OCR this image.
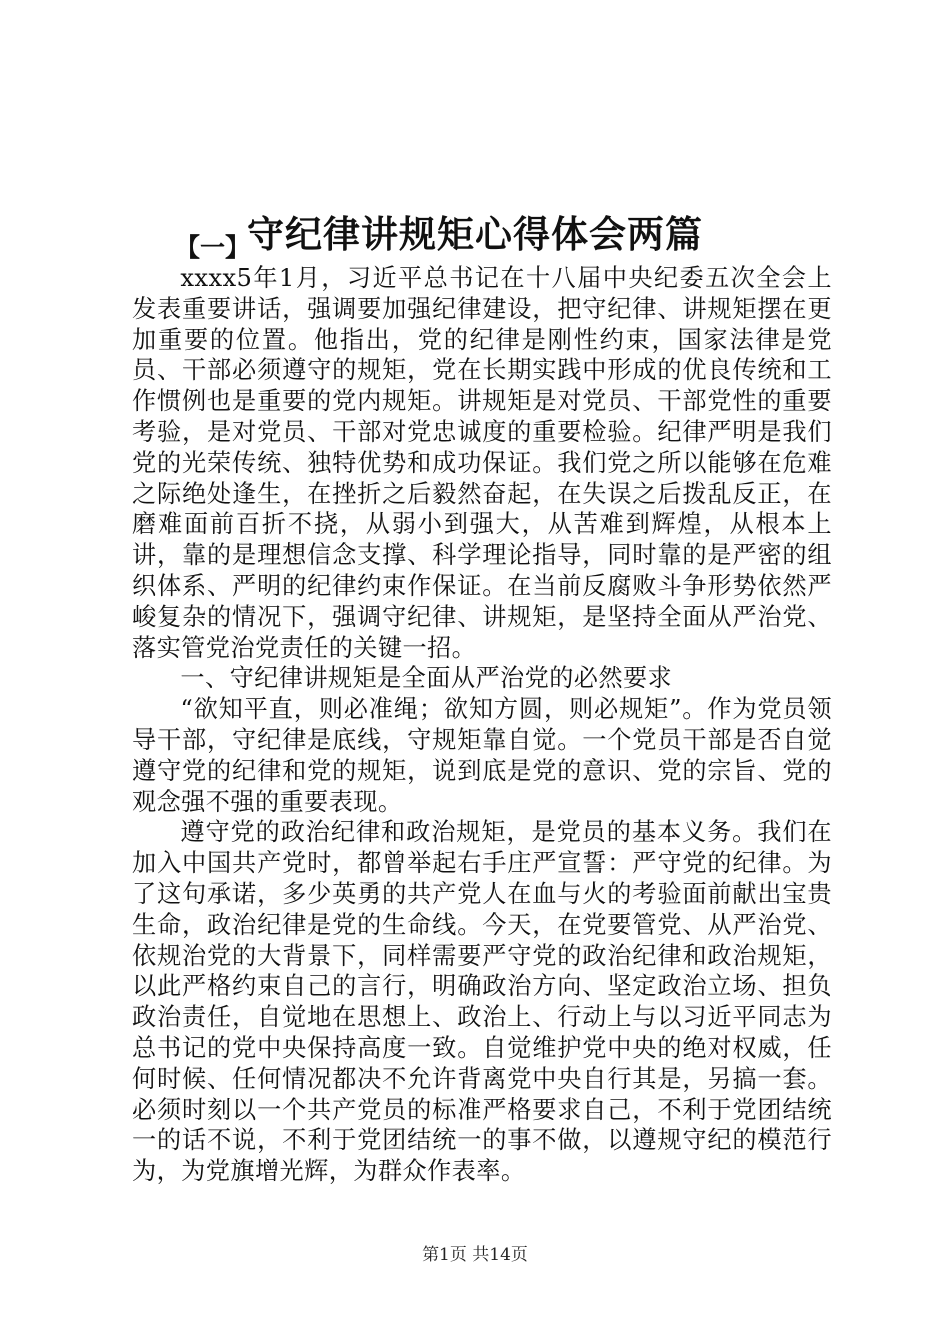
守纪律讲规矩心得体会两篇
【一】

xxxx5年1月，习近平总书记在十八届中央纪委五次全会上发表重要讲话，强调要加强纪律建设，把守纪律、讲规矩摆在更加重要的位置。他指出，党的纪律是刚性约束，国家法律是党员、干部必须遵守的规矩，党在长期实践中形成的优良传统和工作惯例也是重要的党内规矩。讲规矩是对党员、干部党性的重要考验，是对党员、干部对党忠诚度的重要检验。纪律严明是我们党的光荣传统、独特优势和成功保证。我们党之所以能够在危难之际绝处逢生，在挫折之后毅然奋起，在失误之后拨乱反正，在磨难面前百折不挠，从弱小到强大，从苦难到辉煌，从根本上讲，靠的是理想信念支撑、科学理论指导，同时靠的是严密的组织体系、严明的纪律约束作保证。在当前反腐败斗争形势依然严峻复杂的情况下，强调守纪律、讲规矩，是坚持全面从严治党、落实管党治党责任的关键一招。

一、守纪律讲规矩是全面从严治党的必然要求

“欲知平直，则必准绳；欲知方圆，则必规矩”。作为党员领导干部，守纪律是底线，守规矩靠自觉。一个党员干部是否自觉遵守党的纪律和党的规矩，说到底是党的意识、党的宗旨、党的观念强不强的重要表现。

遵守党的政治纪律和政治规矩，是党员的基本义务。我们在加入中国共产党时，都曾举起右手庄严宣誓：严守党的纪律。为了这句承诺，多少英勇的共产党人在血与火的考验面前献出宝贵生命，政治纪律是党的生命线。今天，在党要管党、从严治党、依规治党的大背景下，同样需要严守党的政治纪律和政治规矩，以此严格约束自己的言行，明确政治方向、坚定政治立场、担负政治责任，自觉地在思想上、政治上、行动上与以习近平同志为总书记的党中央保持高度一致。自觉维护党中央的绝对权威，任何时候、任何情况都决不允许背离党中央自行其是，另搞一套。必须时刻以一个共产党员的标准严格要求自己，不利于党团结统一的话不说，不利于党团结统一的事不做，以遵规守纪的模范行为，为党旗增光辉，为群众作表率。

第1页 共14页
